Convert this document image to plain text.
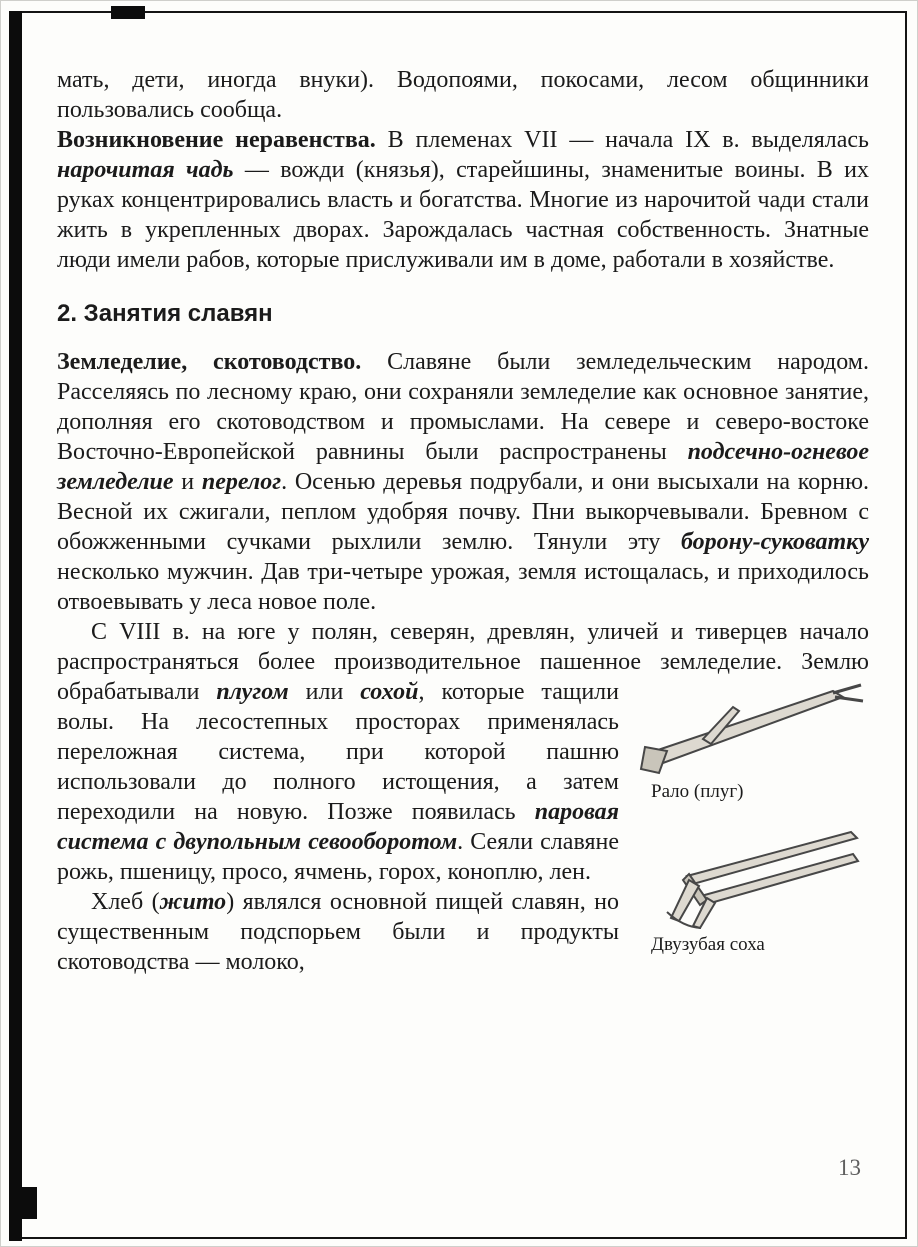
мать, дети, иногда внуки). Водопоями, покосами, лесом общинники пользовались сообща.

Возникновение неравенства. В племенах VII — начала IX в. выделялась нарочитая чадь — вожди (князья), старейшины, знаменитые воины. В их руках концентрировались власть и богатства. Многие из нарочитой чади стали жить в укрепленных дворах. Зарождалась частная собственность. Знатные люди имели рабов, которые прислуживали им в доме, работали в хозяйстве.

2. Занятия славян

Земледелие, скотоводство. Славяне были земледельческим народом. Расселяясь по лесному краю, они сохраняли земледелие как основное занятие, дополняя его скотоводством и промыслами. На севере и северо-востоке Восточно-Европейской равнины были распространены подсечно-огневое земледелие и перелог. Осенью деревья подрубали, и они высыхали на корню. Весной их сжигали, пеплом удобряя почву. Пни выкорчевывали. Бревном с обожженными сучками рыхлили землю. Тянули эту борону-суковатку несколько мужчин. Дав три-четыре урожая, земля истощалась, и приходилось отвоевывать у леса новое поле.

С VIII в. на юге у полян, северян, древлян, уличей и тиверцев начало распространяться более производительное пашенное земледелие. Землю обрабатывали плугом или сохой
Рало (плуг)
Двузубая соха
, которые тащили волы. На лесостепных просторах применялась переложная система, при которой пашню использовали до полного истощения, а затем переходили на новую. Позже появилась паровая система с двупольным севооборотом. Сеяли славяне рожь, пшеницу, просо, ячмень, горох, коноплю, лен.

Хлеб (жито) являлся основной пищей славян, но существенным подспорьем были и продукты скотоводства — молоко,

13
